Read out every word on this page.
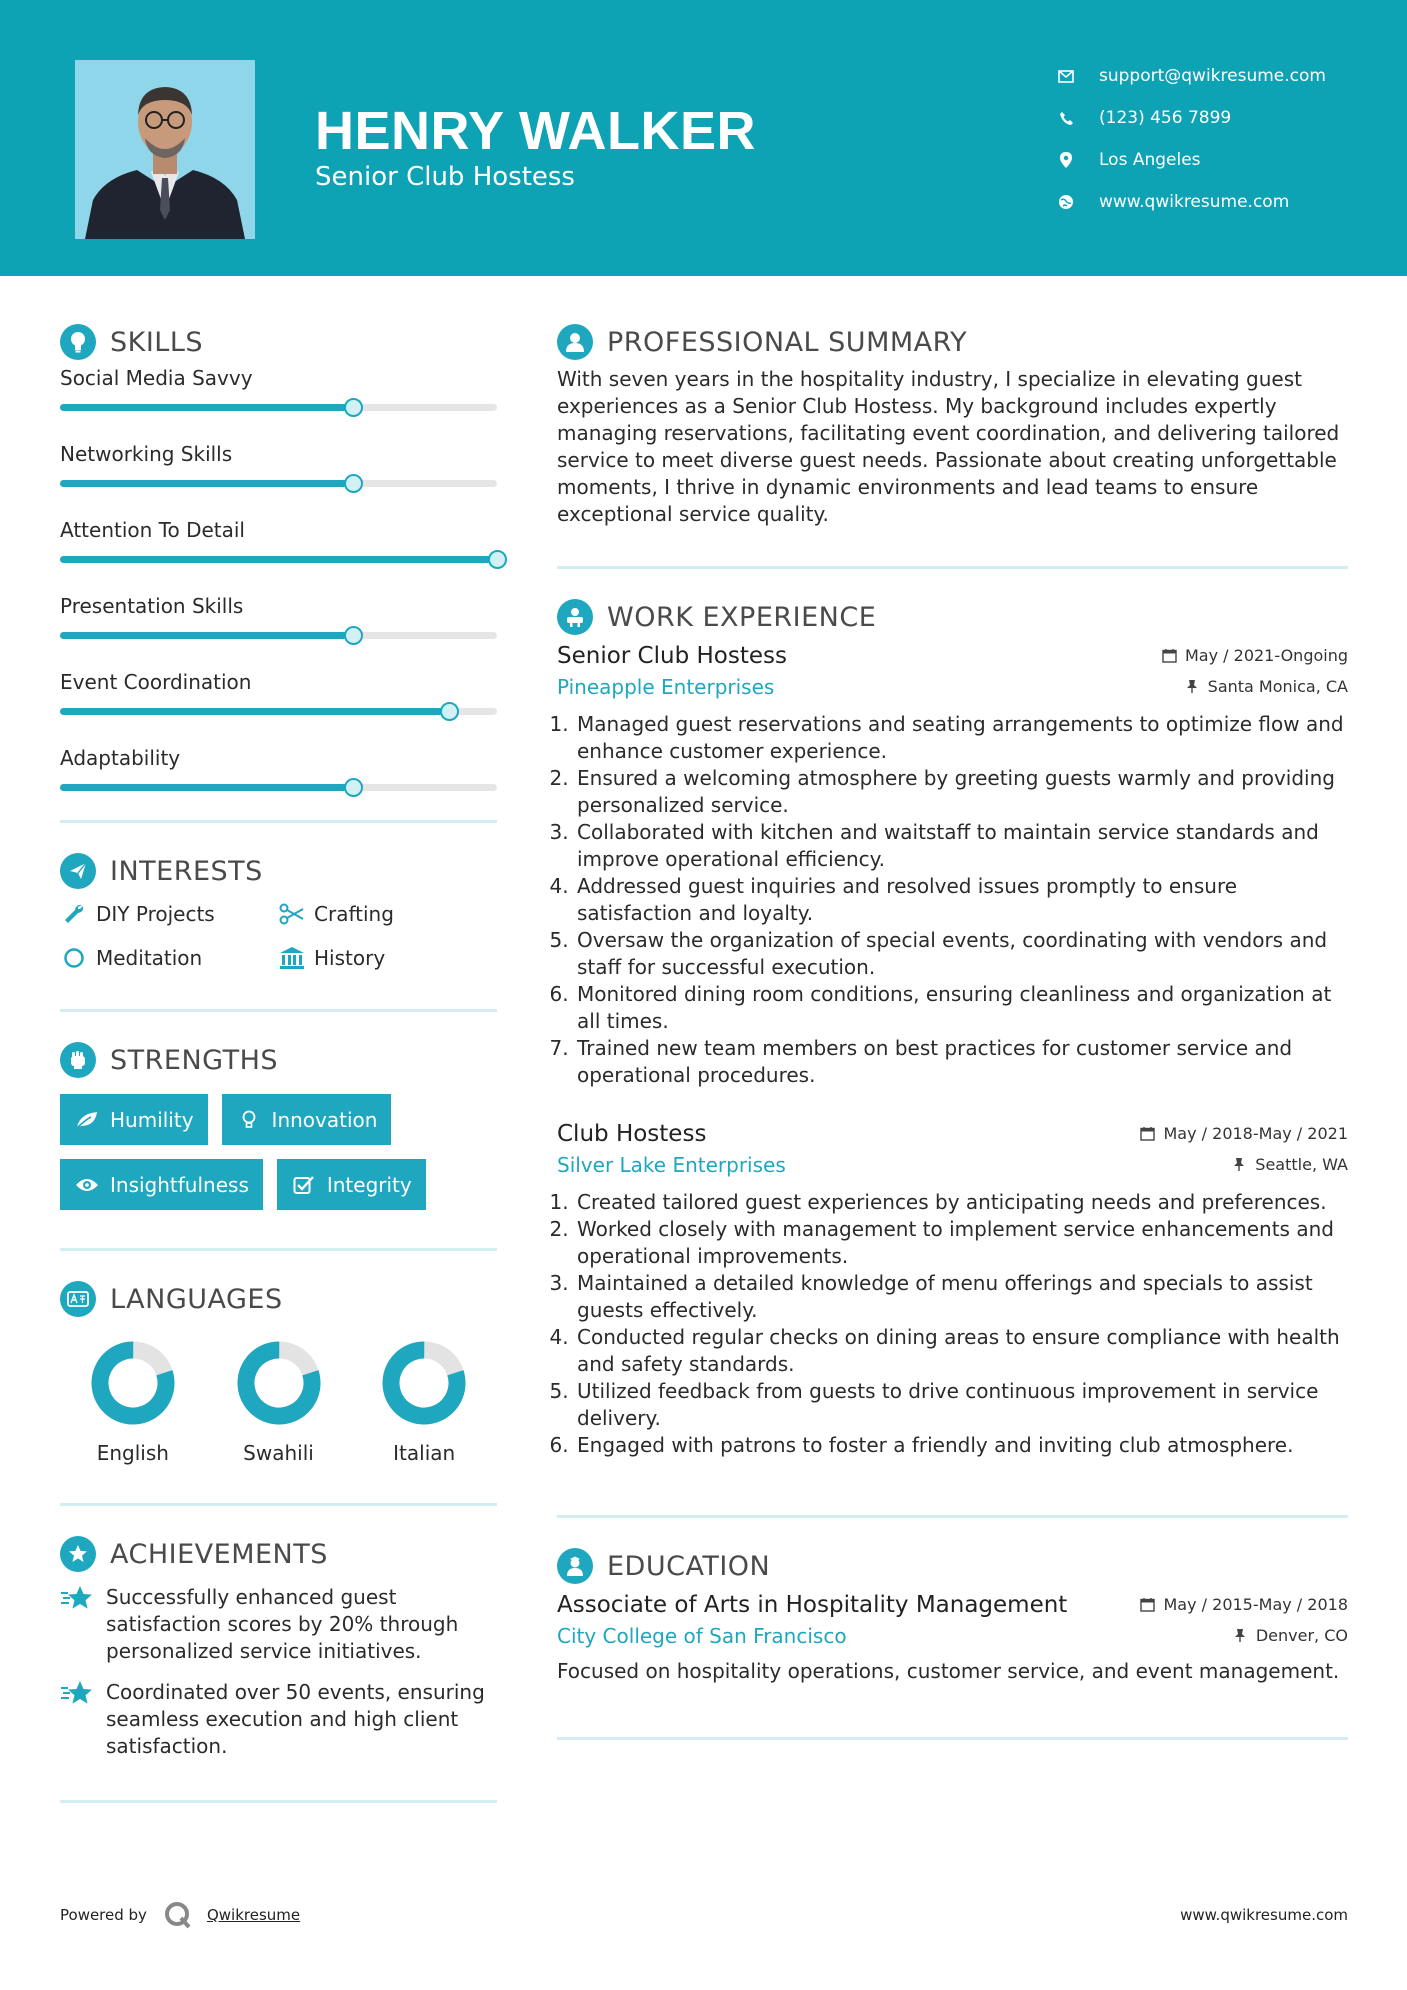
HENRY WALKER
Senior Club Hostess
support@qwikresume.com
(123) 456 7899
Los Angeles
www.qwikresume.com
SKILLS
Social Media Savvy
Networking Skills
Attention To Detail
Presentation Skills
Event Coordination
Adaptability
INTERESTS
DIY Projects	Crafting
Meditation	History
STRENGTHS
Humility	Innovation
Insightfulness	Integrity
LANGUAGES
English	Swahili	Italian
ACHIEVEMENTS
Successfully enhanced guest satisfaction scores by 20% through personalized service initiatives.
Coordinated over 50 events, ensuring seamless execution and high client satisfaction.
PROFESSIONAL SUMMARY
With seven years in the hospitality industry, I specialize in elevating guest experiences as a Senior Club Hostess. My background includes expertly managing reservations, facilitating event coordination, and delivering tailored service to meet diverse guest needs. Passionate about creating unforgettable moments, I thrive in dynamic environments and lead teams to ensure exceptional service quality.
WORK EXPERIENCE
Senior Club Hostess	May / 2021-Ongoing
Pineapple Enterprises	Santa Monica, CA
1. Managed guest reservations and seating arrangements to optimize flow and enhance customer experience.
2. Ensured a welcoming atmosphere by greeting guests warmly and providing personalized service.
3. Collaborated with kitchen and waitstaff to maintain service standards and improve operational efficiency.
4. Addressed guest inquiries and resolved issues promptly to ensure satisfaction and loyalty.
5. Oversaw the organization of special events, coordinating with vendors and staff for successful execution.
6. Monitored dining room conditions, ensuring cleanliness and organization at all times.
7. Trained new team members on best practices for customer service and operational procedures.
Club Hostess	May / 2018-May / 2021
Silver Lake Enterprises	Seattle, WA
1. Created tailored guest experiences by anticipating needs and preferences.
2. Worked closely with management to implement service enhancements and operational improvements.
3. Maintained a detailed knowledge of menu offerings and specials to assist guests effectively.
4. Conducted regular checks on dining areas to ensure compliance with health and safety standards.
5. Utilized feedback from guests to drive continuous improvement in service delivery.
6. Engaged with patrons to foster a friendly and inviting club atmosphere.
EDUCATION
Associate of Arts in Hospitality Management	May / 2015-May / 2018
City College of San Francisco	Denver, CO
Focused on hospitality operations, customer service, and event management.
Powered by	Qwikresume	www.qwikresume.com
